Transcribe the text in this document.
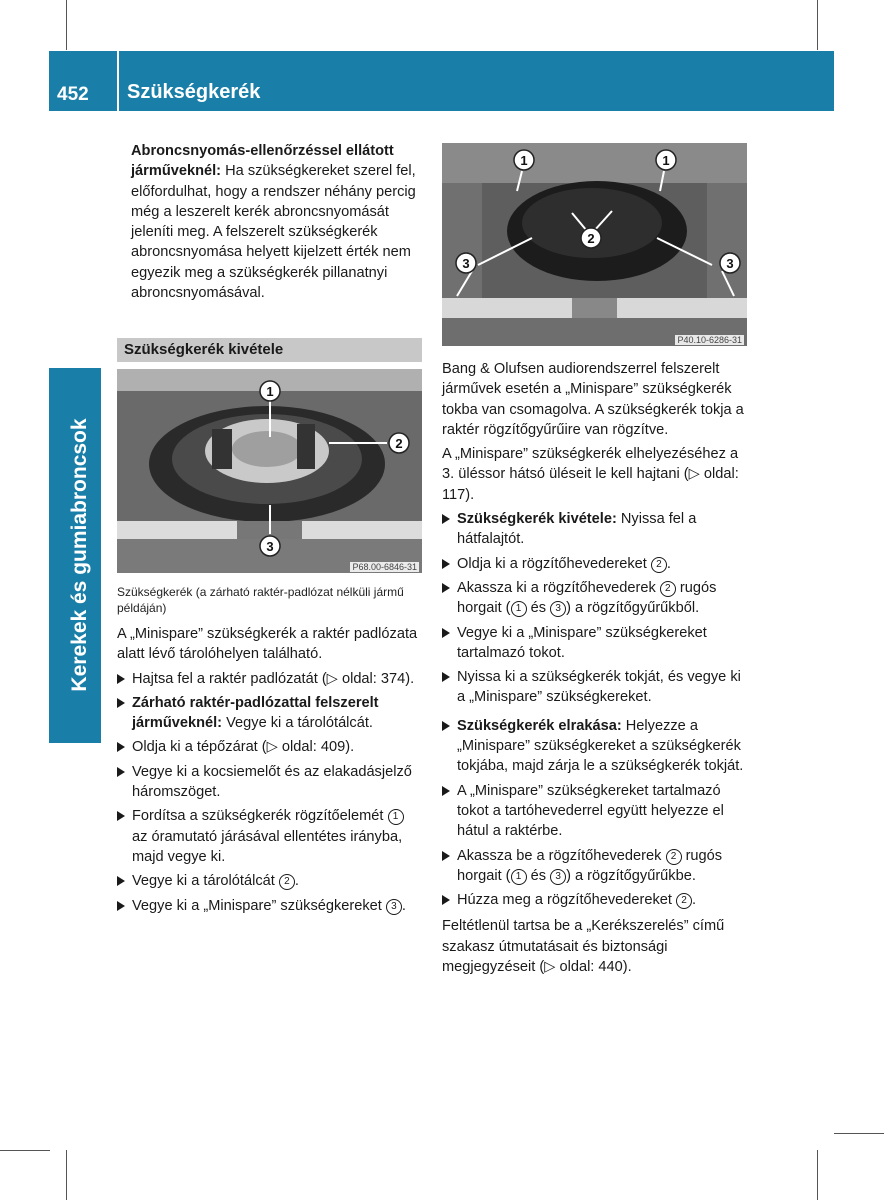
452 Szükségkerék
Kerekek és gumiabroncsok

Abroncsnyomás-ellenőrzéssel ellátott járműveknél: Ha szükségkereket szerel fel, előfordulhat, hogy a rendszer néhány percig még a leszerelt kerék abroncsnyomását jeleníti meg. A felszerelt szükségkerék abroncsnyomása helyett kijelzett érték nem egyezik meg a szükségkerék pillanatnyi abroncsnyomásával.

Szükségkerék kivétele
1
2
3
P68.00-6846-31
Szükségkerék (a zárható raktér-padlózat nélküli jármű példáján)

A „Minispare” szükségkerék a raktér padlózata alatt lévő tárolóhelyen található.

Hajtsa fel a raktér padlózatát (▷ oldal: 374).

Zárható raktér-padlózattal felszerelt járműveknél: Vegye ki a tárolótálcát.

Oldja ki a tépőzárat (▷ oldal: 409).

Vegye ki a kocsiemelőt és az elakadásjelző háromszöget.

Fordítsa a szükségkerék rögzítőelemét 1 az óramutató járásával ellentétes irányba, majd vegye ki.

Vegye ki a tárolótálcát 2 .

Vegye ki a „Minispare” szükségkereket 3 .

1	1
2
3	3
P40.10-6286-31

Bang & Olufsen audiorendszerrel felszerelt járművek esetén a „Minispare” szükségkerék tokba van csomagolva. A szükségkerék tokja a raktér rögzítőgyűrűire van rögzítve.

A „Minispare” szükségkerék elhelyezéséhez a 3. üléssor hátsó üléseit le kell hajtani (▷ oldal: 117).

Szükségkerék kivétele: Nyissa fel a hátfalajtót.

Oldja ki a rögzítőhevedereket 2 .

Akassza ki a rögzítőhevederek 2 rugós horgait ( 1 és 3 ) a rögzítőgyűrűkből.

Vegye ki a „Minispare” szükségkereket tartalmazó tokot.

Nyissa ki a szükségkerék tokját, és vegye ki a „Minispare” szükségkereket.

Szükségkerék elrakása: Helyezze a „Minispare” szükségkereket a szükségkerék tokjába, majd zárja le a szükségkerék tokját.

A „Minispare” szükségkereket tartalmazó tokot a tartóhevederrel együtt helyezze el hátul a raktérbe.

Akassza be a rögzítőhevederek 2 rugós horgait ( 1 és 3 ) a rögzítőgyűrűkbe.

Húzza meg a rögzítőhevedereket 2 .

Feltétlenül tartsa be a „Kerékszerelés” című szakasz útmutatásait és biztonsági megjegyzéseit (▷ oldal: 440).
